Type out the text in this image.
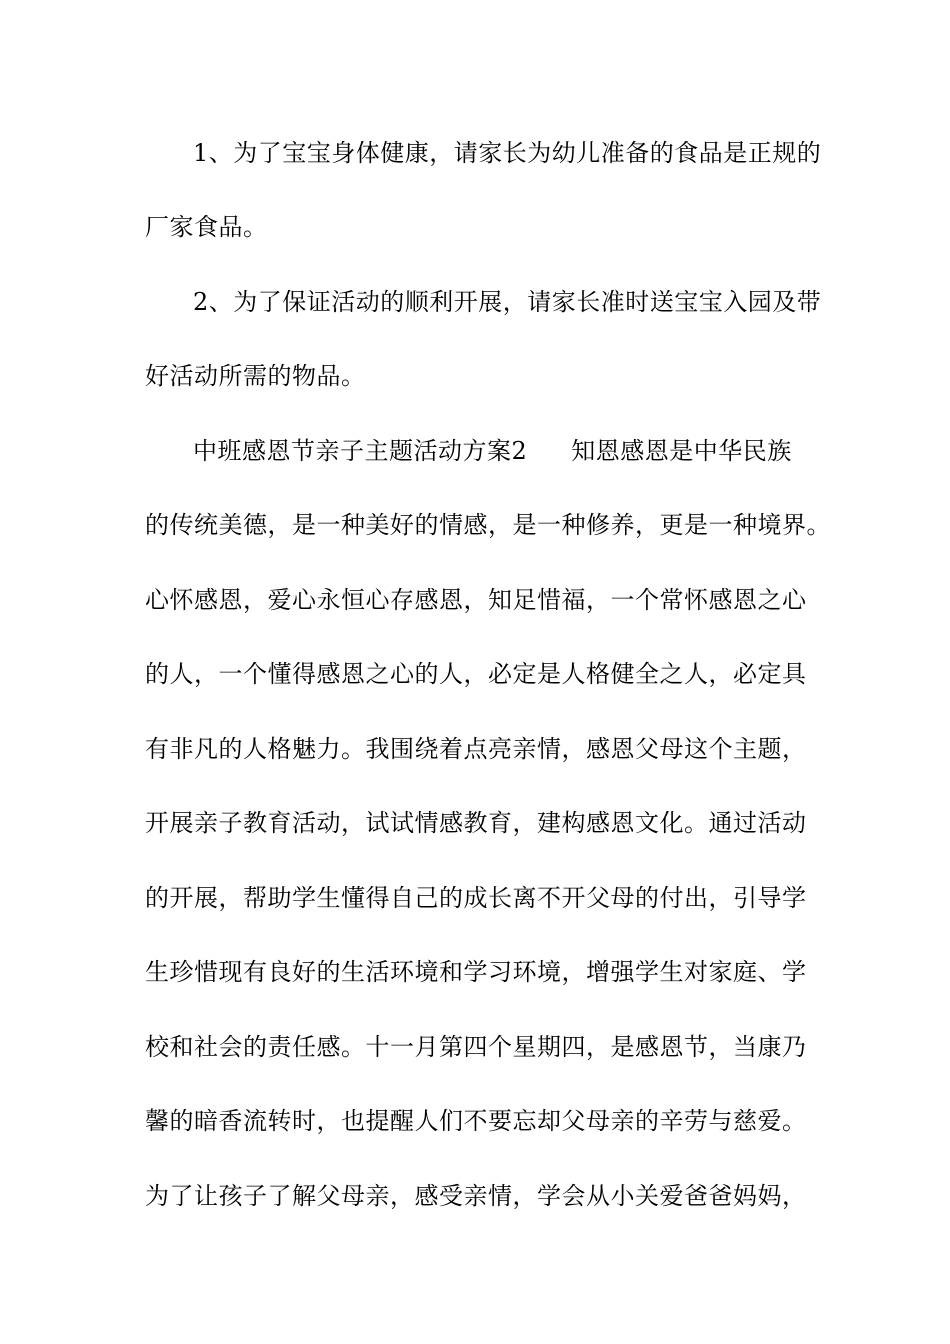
1、为了宝宝身体健康，请家长为幼儿准备的食品是正规的
厂家食品。
2、为了保证活动的顺利开展，请家长准时送宝宝入园及带
好活动所需的物品。
中班感恩节亲子主题活动方案2 知恩感恩是中华民族
的传统美德，是一种美好的情感，是一种修养，更是一种境界。
心怀感恩，爱心永恒心存感恩，知足惜福，一个常怀感恩之心
的人，一个懂得感恩之心的人，必定是人格健全之人，必定具
有非凡的人格魅力。我围绕着点亮亲情，感恩父母这个主题，
开展亲子教育活动，试试情感教育，建构感恩文化。通过活动
的开展，帮助学生懂得自己的成长离不开父母的付出，引导学
生珍惜现有良好的生活环境和学习环境，增强学生对家庭、学
校和社会的责任感。十一月第四个星期四，是感恩节，当康乃
馨的暗香流转时，也提醒人们不要忘却父母亲的辛劳与慈爱。
为了让孩子了解父母亲，感受亲情，学会从小关爱爸爸妈妈，
